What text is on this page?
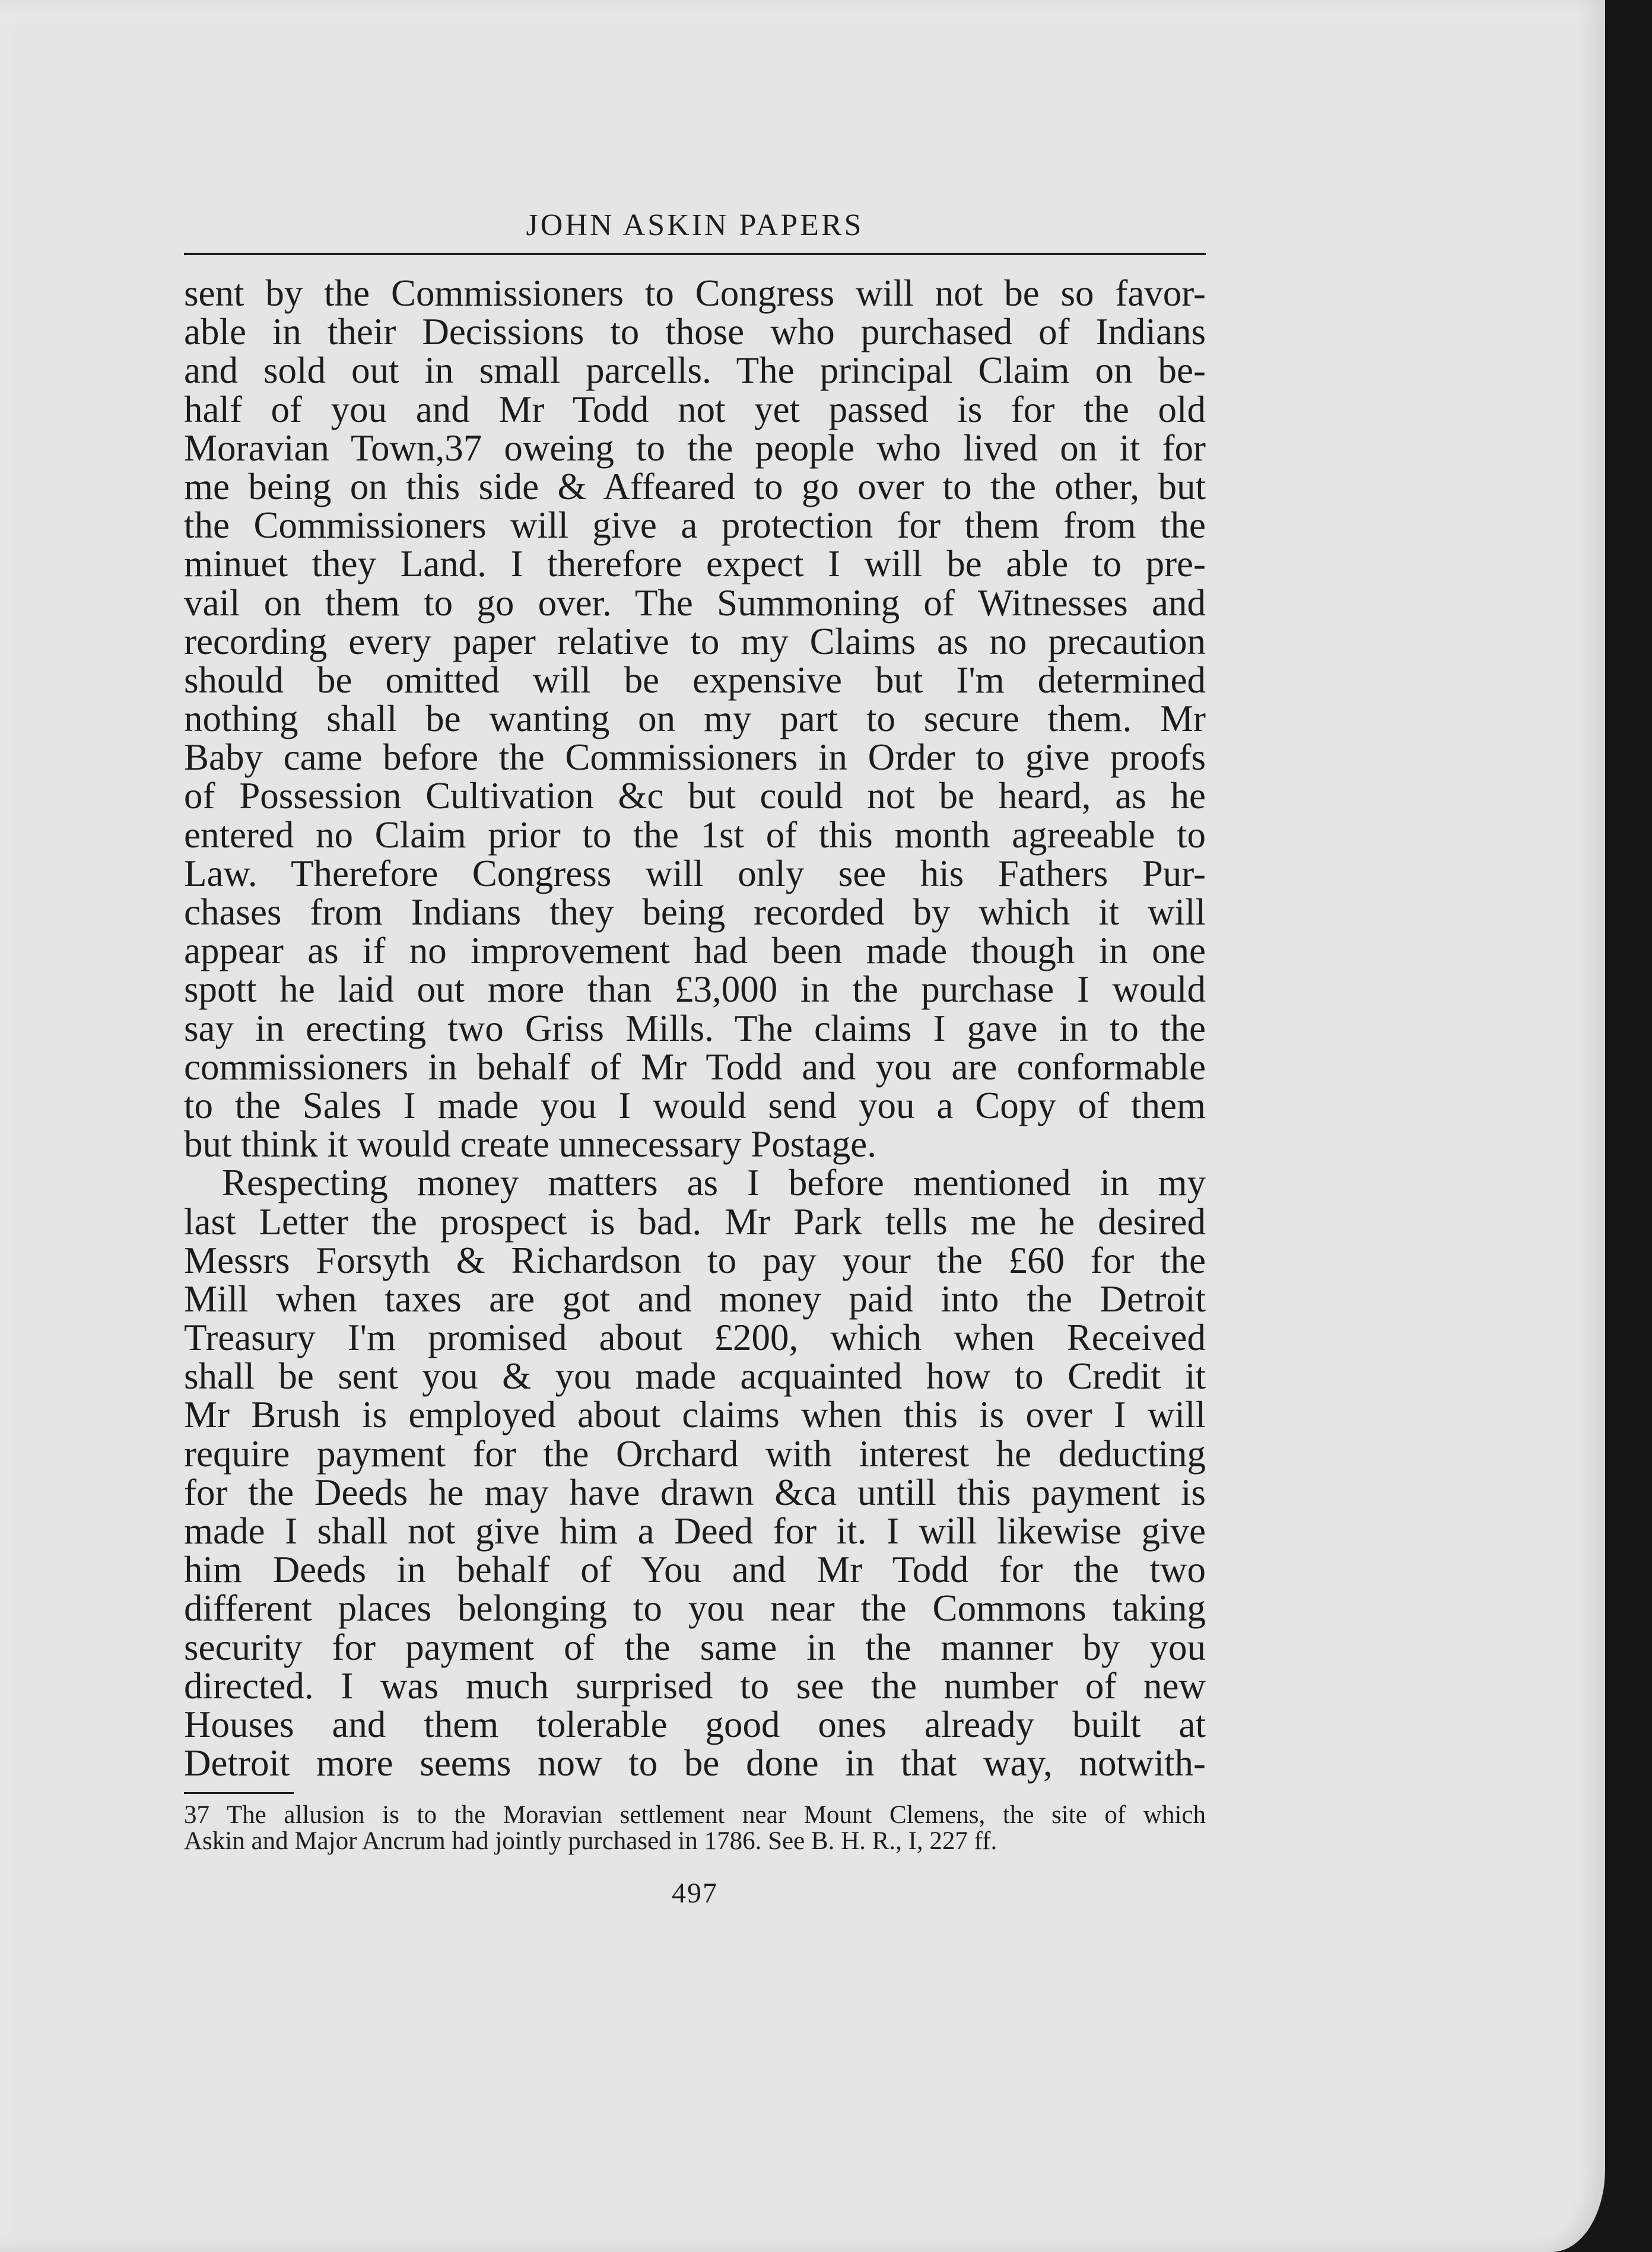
JOHN ASKIN PAPERS
sent by the Commissioners to Congress will not be so favor-
able in their Decissions to those who purchased of Indians
and sold out in small parcells. The principal Claim on be-
half of you and Mr Todd not yet passed is for the old
Moravian Town,37 oweing to the people who lived on it for
me being on this side & Affeared to go over to the other, but
the Commissioners will give a protection for them from the
minuet they Land. I therefore expect I will be able to pre-
vail on them to go over. The Summoning of Witnesses and
recording every paper relative to my Claims as no precaution
should be omitted will be expensive but I'm determined
nothing shall be wanting on my part to secure them. Mr
Baby came before the Commissioners in Order to give proofs
of Possession Cultivation &c but could not be heard, as he
entered no Claim prior to the 1st of this month agreeable to
Law. Therefore Congress will only see his Fathers Pur-
chases from Indians they being recorded by which it will
appear as if no improvement had been made though in one
spott he laid out more than £3,000 in the purchase I would
say in erecting two Griss Mills. The claims I gave in to the
commissioners in behalf of Mr Todd and you are conformable
to the Sales I made you I would send you a Copy of them
but think it would create unnecessary Postage.
Respecting money matters as I before mentioned in my
last Letter the prospect is bad. Mr Park tells me he desired
Messrs Forsyth & Richardson to pay your the £60 for the
Mill when taxes are got and money paid into the Detroit
Treasury I'm promised about £200, which when Received
shall be sent you & you made acquainted how to Credit it
Mr Brush is employed about claims when this is over I will
require payment for the Orchard with interest he deducting
for the Deeds he may have drawn &ca untill this payment is
made I shall not give him a Deed for it. I will likewise give
him Deeds in behalf of You and Mr Todd for the two
different places belonging to you near the Commons taking
security for payment of the same in the manner by you
directed. I was much surprised to see the number of new
Houses and them tolerable good ones already built at
Detroit more seems now to be done in that way, notwith-
37 The allusion is to the Moravian settlement near Mount Clemens, the site of which
Askin and Major Ancrum had jointly purchased in 1786. See B. H. R., I, 227 ff.
497
